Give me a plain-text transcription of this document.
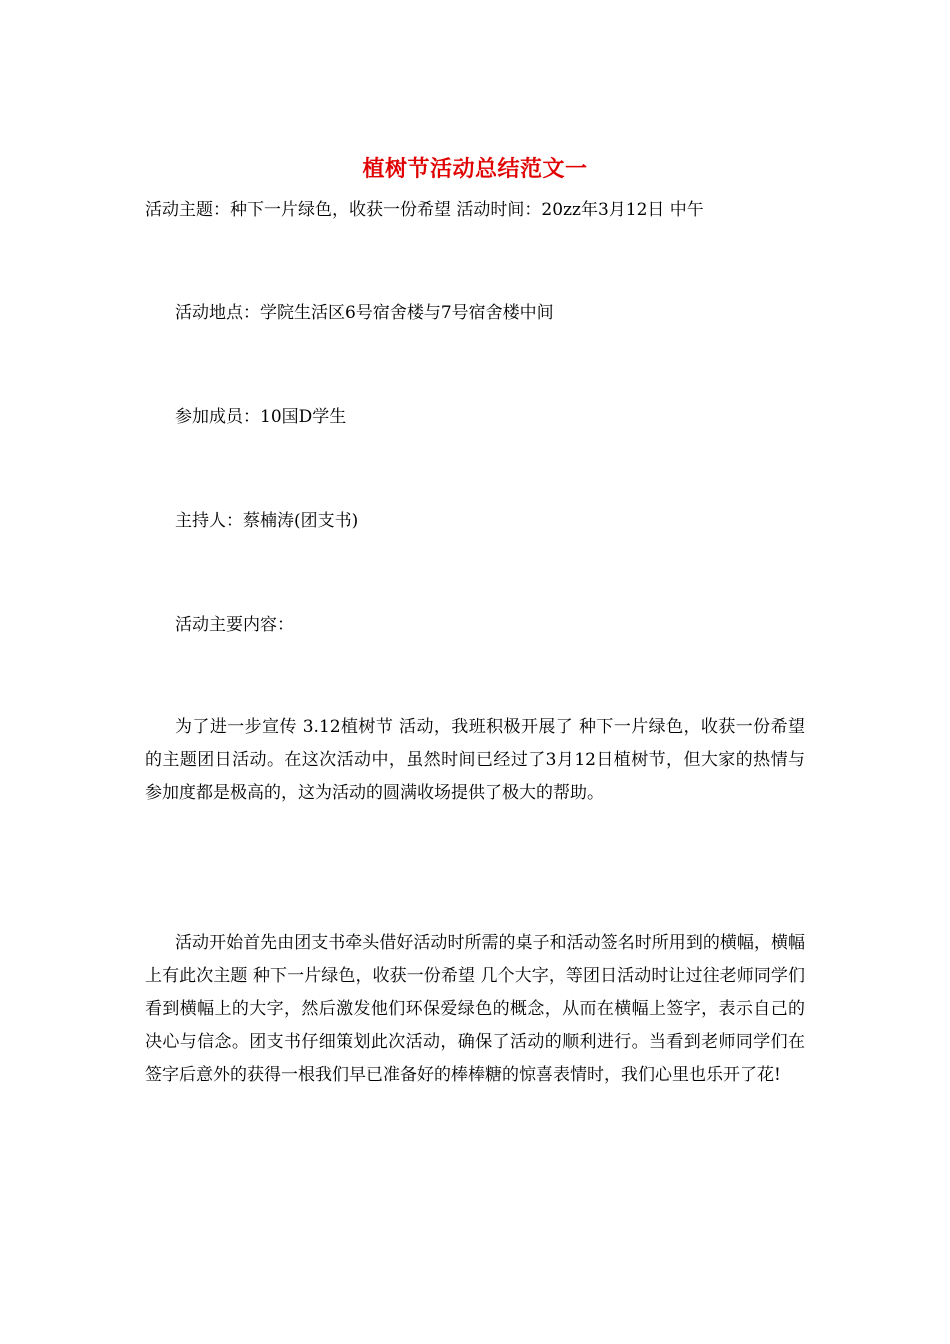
植树节活动总结范文一
活动主题：种下一片绿色，收获一份希望 活动时间：20zz年3月12日 中午
活动地点：学院生活区6号宿舍楼与7号宿舍楼中间
参加成员：10国D学生
主持人：蔡楠涛(团支书)
活动主要内容：
为了进一步宣传 3.12植树节 活动，我班积极开展了 种下一片绿色，收获一份希望 的主题团日活动。在这次活动中，虽然时间已经过了3月12日植树节，但大家的热情与参加度都是极高的，这为活动的圆满收场提供了极大的帮助。
活动开始首先由团支书牵头借好活动时所需的桌子和活动签名时所用到的横幅，横幅上有此次主题 种下一片绿色，收获一份希望 几个大字，等团日活动时让过往老师同学们看到横幅上的大字，然后激发他们环保爱绿色的概念，从而在横幅上签字，表示自己的决心与信念。团支书仔细策划此次活动，确保了活动的顺利进行。当看到老师同学们在签字后意外的获得一根我们早已准备好的棒棒糖的惊喜表情时，我们心里也乐开了花!
